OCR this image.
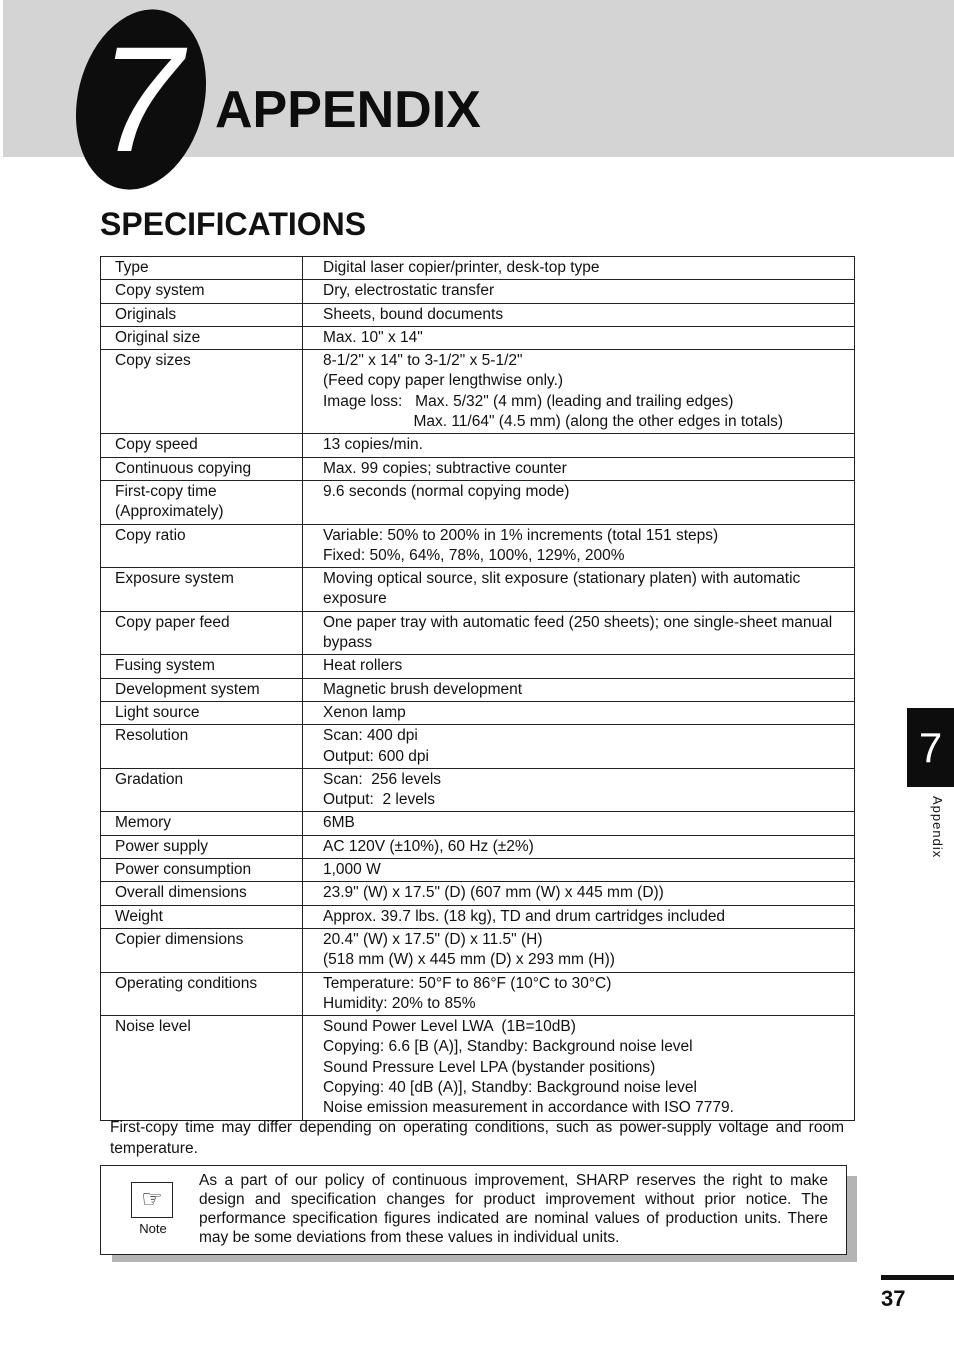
7 APPENDIX
SPECIFICATIONS
Type	Digital laser copier/printer, desk-top type

Copy system	Dry, electrostatic transfer

Originals	Sheets, bound documents

Original size	Max. 10" x 14"

Copy sizes	8-1/2" x 14" to 3-1/2" x 5-1/2"
(Feed copy paper lengthwise only.)
Image loss:   Max. 5/32" (4 mm) (leading and trailing edges)
Max. 11/64" (4.5 mm) (along the other edges in totals)

Copy speed	13 copies/min.

Continuous copying	Max. 99 copies; subtractive counter

First-copy time
(Approximately)	9.6 seconds (normal copying mode)

Copy ratio	Variable: 50% to 200% in 1% increments (total 151 steps)
Fixed: 50%, 64%, 78%, 100%, 129%, 200%

Exposure system	Moving optical source, slit exposure (stationary platen) with automatic exposure

Copy paper feed	One paper tray with automatic feed (250 sheets); one single-sheet manual bypass

Fusing system	Heat rollers

Development system	Magnetic brush development

Light source	Xenon lamp

Resolution	Scan: 400 dpi
Output: 600 dpi

Gradation	Scan:  256 levels
Output:  2 levels

Memory	6MB

Power supply	AC 120V (±10%), 60 Hz (±2%)

Power consumption	1,000 W

Overall dimensions	23.9" (W) x 17.5" (D) (607 mm (W) x 445 mm (D))

Weight	Approx. 39.7 lbs. (18 kg), TD and drum cartridges included

Copier dimensions	20.4" (W) x 17.5" (D) x 11.5" (H)
(518 mm (W) x 445 mm (D) x 293 mm (H))

Operating conditions	Temperature: 50°F to 86°F (10°C to 30°C)
Humidity: 20% to 85%

Noise level	Sound Power Level LWA  (1B=10dB)
Copying: 6.6 [B (A)], Standby: Background noise level
Sound Pressure Level LPA (bystander positions)
Copying: 40 [dB (A)], Standby: Background noise level
Noise emission measurement in accordance with ISO 7779.

First-copy time may differ depending on operating conditions, such as power-supply voltage and room temperature.

☞
Note

As a part of our policy of continuous improvement, SHARP reserves the right to make design and specification changes for product improvement without prior notice. The performance specification figures indicated are nominal values of production units. There may be some deviations from these values in individual units.

7
Appendix
37
